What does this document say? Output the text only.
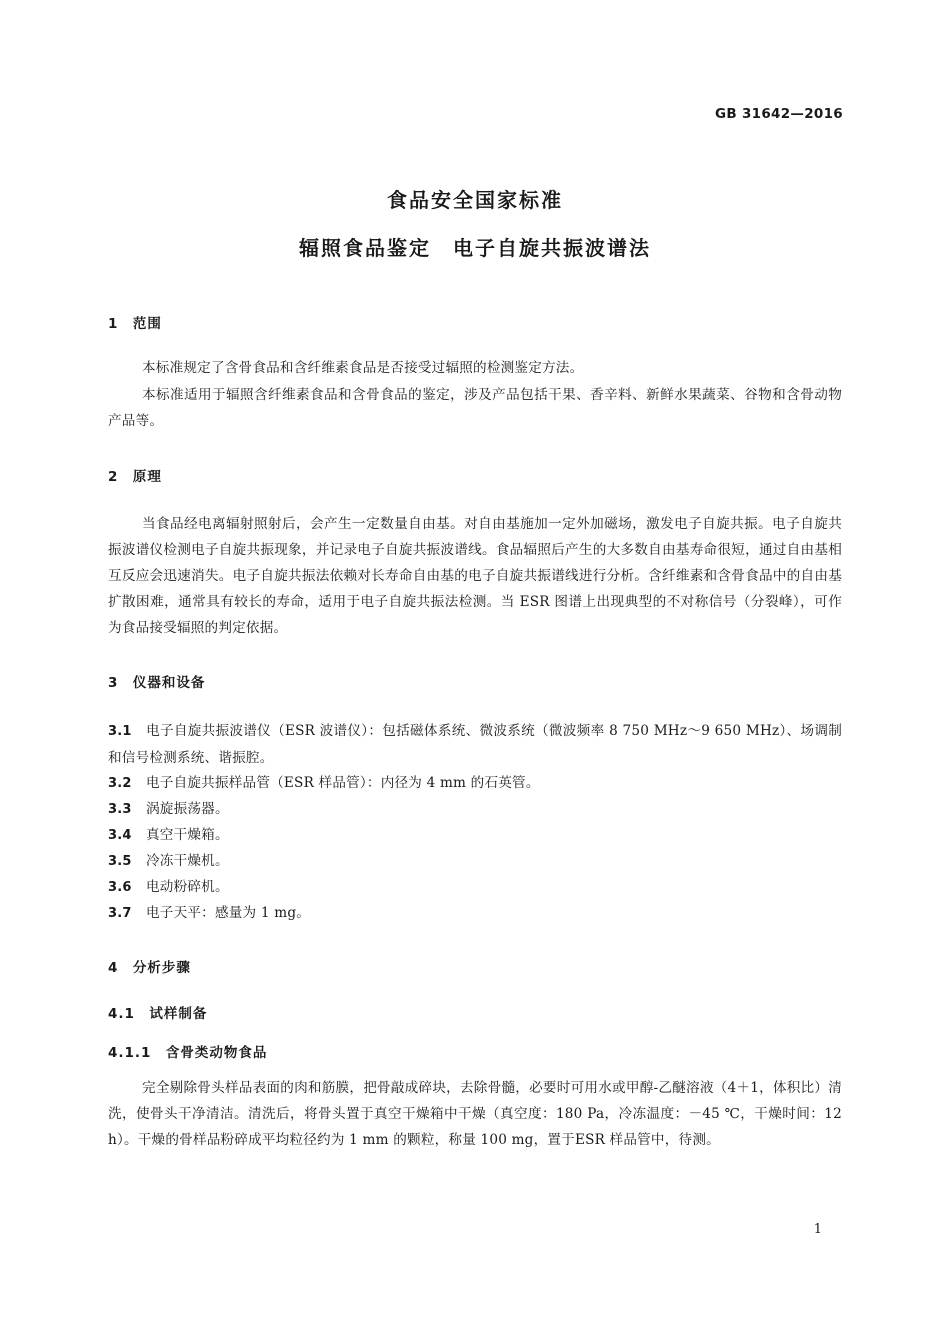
GB 31642—2016
食品安全国家标准
辐照食品鉴定　电子自旋共振波谱法
1　范围
本标准规定了含骨食品和含纤维素食品是否接受过辐照的检测鉴定方法。
本标准适用于辐照含纤维素食品和含骨食品的鉴定，涉及产品包括干果、香辛料、新鲜水果蔬菜、谷物和含骨动物产品等。
2　原理
当食品经电离辐射照射后，会产生一定数量自由基。对自由基施加一定外加磁场，激发电子自旋共振。电子自旋共振波谱仪检测电子自旋共振现象，并记录电子自旋共振波谱线。食品辐照后产生的大多数自由基寿命很短，通过自由基相互反应会迅速消失。电子自旋共振法依赖对长寿命自由基的电子自旋共振谱线进行分析。含纤维素和含骨食品中的自由基扩散困难，通常具有较长的寿命，适用于电子自旋共振法检测。当 ESR 图谱上出现典型的不对称信号（分裂峰），可作为食品接受辐照的判定依据。
3　仪器和设备
3.1 电子自旋共振波谱仪（ESR 波谱仪）：包括磁体系统、微波系统（微波频率 8 750 MHz～9 650 MHz）、场调制和信号检测系统、谐振腔。
3.2 电子自旋共振样品管（ESR 样品管）：内径为 4 mm 的石英管。
3.3 涡旋振荡器。
3.4 真空干燥箱。
3.5 冷冻干燥机。
3.6 电动粉碎机。
3.7 电子天平：感量为 1 mg。
4　分析步骤
4.1　试样制备
4.1.1　含骨类动物食品
完全剔除骨头样品表面的肉和筋膜，把骨敲成碎块，去除骨髓，必要时可用水或甲醇-乙醚溶液（4＋1，体积比）清洗，使骨头干净清洁。清洗后，将骨头置于真空干燥箱中干燥（真空度：180 Pa，冷冻温度：－45 ℃，干燥时间：12 h）。干燥的骨样品粉碎成平均粒径约为 1 mm 的颗粒，称量 100 mg，置于ESR 样品管中，待测。
1
